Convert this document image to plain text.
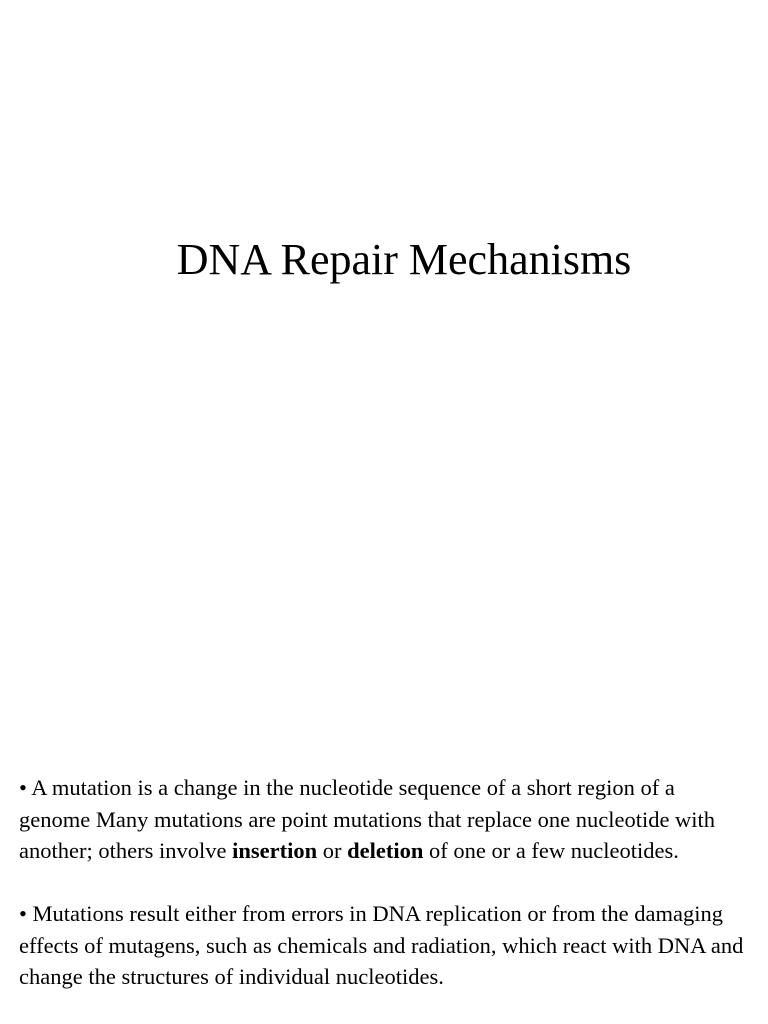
DNA Repair Mechanisms

• A mutation is a change in the nucleotide sequence of a short region of a genome Many mutations are point mutations that replace one nucleotide with another; others involve insertion or deletion of one or a few nucleotides.

• Mutations result either from errors in DNA replication or from the damaging effects of mutagens, such as chemicals and radiation, which react with DNA and change the structures of individual nucleotides.
